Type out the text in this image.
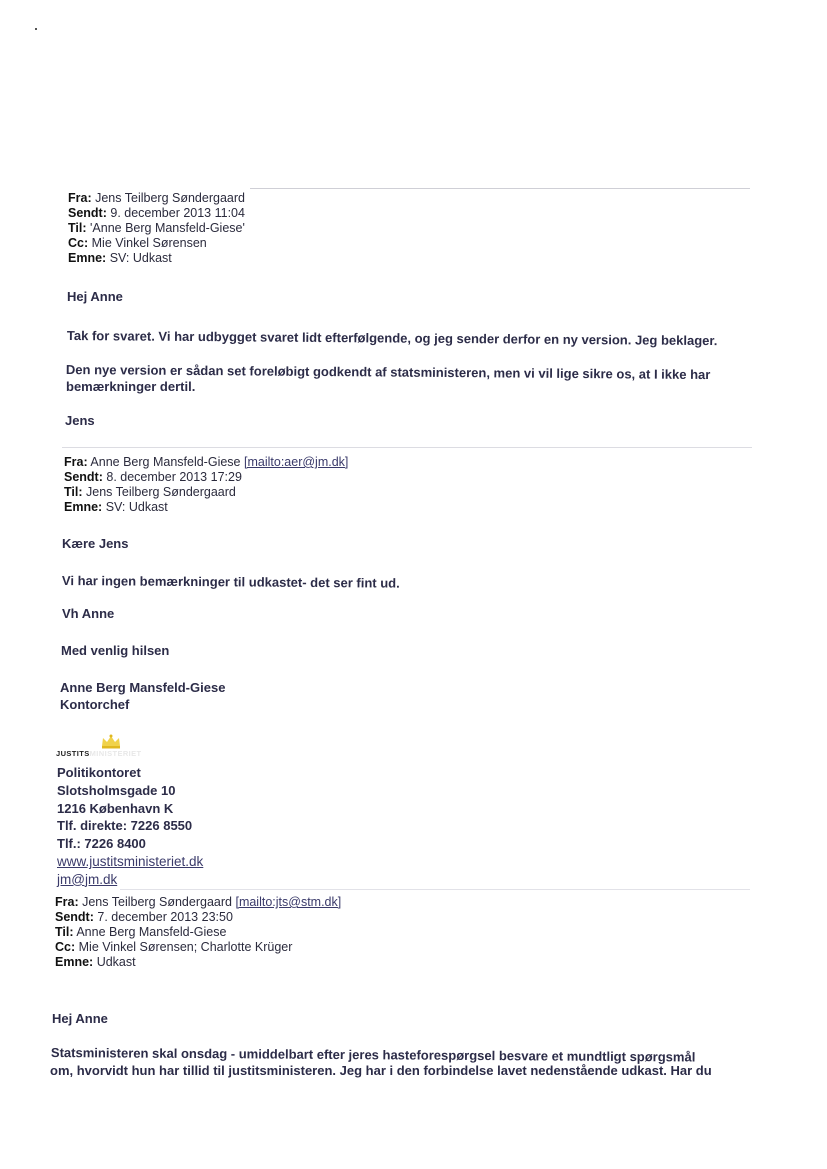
Fra: Jens Teilberg Søndergaard
Sendt: 9. december 2013 11:04
Til: 'Anne Berg Mansfeld-Giese'
Cc: Mie Vinkel Sørensen
Emne: SV: Udkast
Hej Anne
Tak for svaret. Vi har udbygget svaret lidt efterfølgende, og jeg sender derfor en ny version. Jeg beklager.
Den nye version er sådan set foreløbigt godkendt af statsministeren, men vi vil lige sikre os, at I ikke har
bemærkninger dertil.
Jens
Fra: Anne Berg Mansfeld-Giese [mailto:aer@jm.dk]
Sendt: 8. december 2013 17:29
Til: Jens Teilberg Søndergaard
Emne: SV: Udkast
Kære Jens
Vi har ingen bemærkninger til udkastet- det ser fint ud.
Vh Anne
Med venlig hilsen
Anne Berg Mansfeld-Giese
Kontorchef
JUSTITSMINISTERIET
Politikontoret
Slotsholmsgade 10
1216 København K
Tlf. direkte: 7226 8550
Tlf.: 7226 8400
www.justitsministeriet.dk
jm@jm.dk
Fra: Jens Teilberg Søndergaard [mailto:jts@stm.dk]
Sendt: 7. december 2013 23:50
Til: Anne Berg Mansfeld-Giese
Cc: Mie Vinkel Sørensen; Charlotte Krüger
Emne: Udkast
Hej Anne
Statsministeren skal onsdag - umiddelbart efter jeres hasteforespørgsel besvare et mundtligt spørgsmål
om, hvorvidt hun har tillid til justitsministeren. Jeg har i den forbindelse lavet nedenstående udkast. Har du
